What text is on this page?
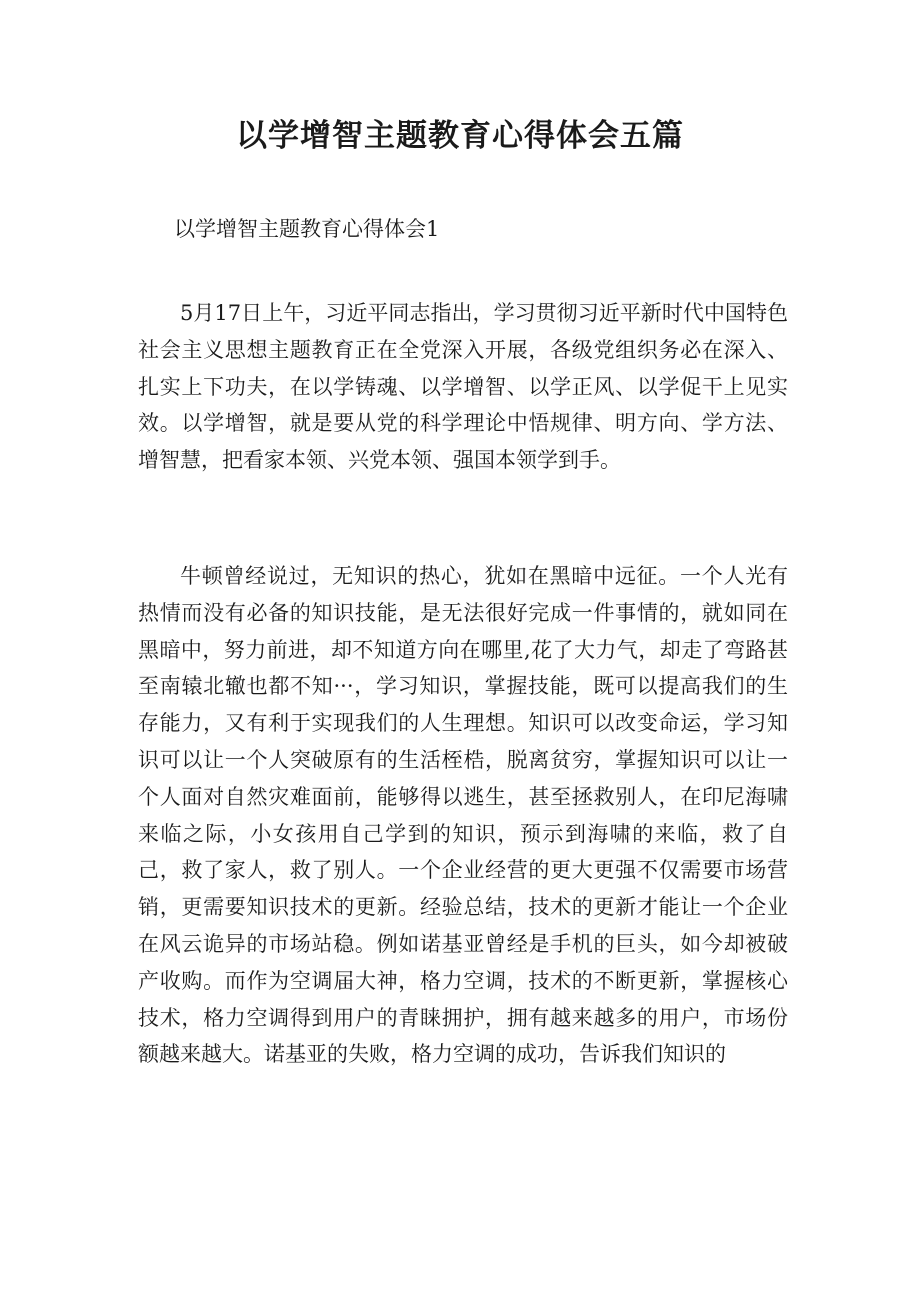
以学增智主题教育心得体会五篇

以学增智主题教育心得体会1

5月17日上午，习近平同志指出，学习贯彻习近平新时代中国特色社会主义思想主题教育正在全党深入开展，各级党组织务必在深入、扎实上下功夫，在以学铸魂、以学增智、以学正风、以学促干上见实效。以学增智，就是要从党的科学理论中悟规律、明方向、学方法、增智慧，把看家本领、兴党本领、强国本领学到手。

牛顿曾经说过，无知识的热心，犹如在黑暗中远征。一个人光有热情而没有必备的知识技能，是无法很好完成一件事情的，就如同在黑暗中，努力前进，却不知道方向在哪里,花了大力气，却走了弯路甚至南辕北辙也都不知···，学习知识，掌握技能，既可以提高我们的生存能力，又有利于实现我们的人生理想。知识可以改变命运，学习知识可以让一个人突破原有的生活桎梏，脱离贫穷，掌握知识可以让一个人面对自然灾难面前，能够得以逃生，甚至拯救别人，在印尼海啸来临之际，小女孩用自己学到的知识，预示到海啸的来临，救了自己，救了家人，救了别人。一个企业经营的更大更强不仅需要市场营销，更需要知识技术的更新。经验总结，技术的更新才能让一个企业在风云诡异的市场站稳。例如诺基亚曾经是手机的巨头，如今却被破产收购。而作为空调届大神，格力空调，技术的不断更新，掌握核心技术，格力空调得到用户的青睐拥护，拥有越来越多的用户，市场份额越来越大。诺基亚的失败，格力空调的成功，告诉我们知识的
